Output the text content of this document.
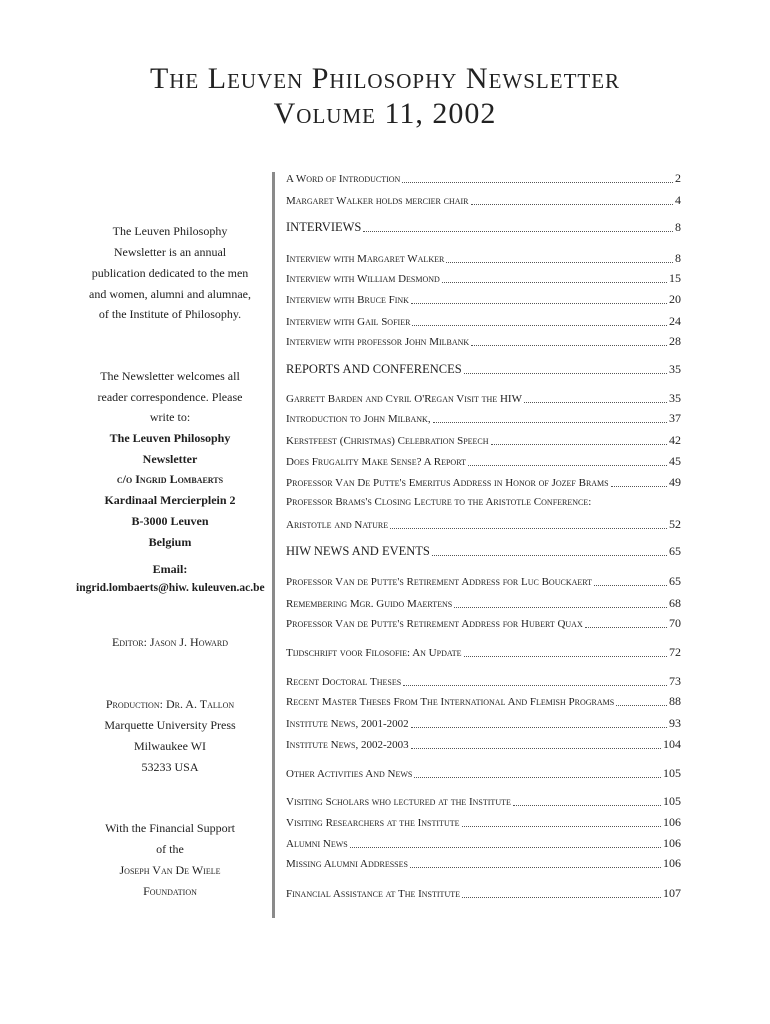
The Leuven Philosophy Newsletter
Volume 11, 2002
The Leuven Philosophy
Newsletter is an annual
publication dedicated to the men
and women, alumni and alumnae,
of the Institute of Philosophy.
The Newsletter welcomes all
reader correspondence. Please
write to:
The Leuven Philosophy
Newsletter
c/o Ingrid Lombaerts
Kardinaal Mercierplein 2
B-3000 Leuven
Belgium
Email:
ingrid.lombaerts@hiw. kuleuven.ac.be
Editor: Jason J. Howard
Production: Dr. A. Tallon
Marquette University Press
Milwaukee WI
53233 USA
With the Financial Support
of the
Joseph Van De Wiele
Foundation
A Word of Introduction	2
Margaret Walker holds mercier chair	4
INTERVIEWS	8
Interview with Margaret Walker	8
Interview with William Desmond	15
Interview with Bruce Fink	20
Interview with Gail Sofier	24
Interview with professor John Milbank	28
REPORTS AND CONFERENCES	35
Garrett Barden and Cyril O'Regan Visit the HIW	35
Introduction to John Milbank,	37
Kerstfeest (Christmas) Celebration Speech	42
Does Frugality Make Sense? A Report	45
Professor Van De Putte's Emeritus Address in Honor of Jozef Brams	49
Professor Brams's Closing Lecture to the Aristotle Conference:
Aristotle and Nature	52
HIW NEWS AND EVENTS	65
Professor Van de Putte's Retirement Address for Luc Bouckaert	65
Remembering Mgr. Guido Maertens	68
Professor Van de Putte's Retirement Address for Hubert Quax	70
Tijdschrift voor Filosofie: An Update	72
Recent Doctoral Theses	73
Recent Master Theses From The International And Flemish Programs	88
Institute News, 2001-2002	93
Institute News, 2002-2003	104
Other Activities And News	105
Visiting Scholars who lectured at the Institute	105
Visiting Researchers at the Institute	106
Alumni News	106
Missing Alumni Addresses	106
Financial Assistance at The Institute	107
